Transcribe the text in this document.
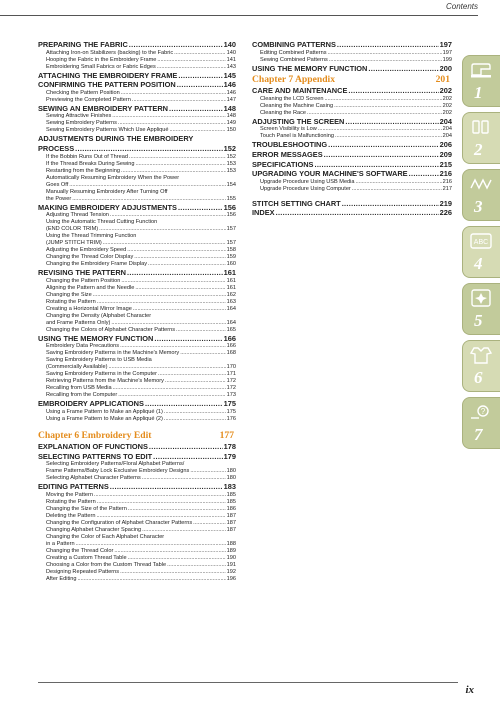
Contents
PREPARING THE FABRIC .....	140
Attaching Iron-on Stabilizers (backing) to the Fabric .....	140
Hooping the Fabric in the Embroidery Frame .....	141
Embroidering Small Fabrics or Fabric Edges .....	143
ATTACHING THE EMBROIDERY FRAME .....	145
CONFIRMING THE PATTERN POSITION .....	146
Checking the Pattern Position .....	146
Previewing the Completed Pattern .....	147
SEWING AN EMBROIDERY PATTERN .....	148
Sewing Attractive Finishes .....	148
Sewing Embroidery Patterns .....	149
Sewing Embroidery Patterns Which Use Appliqué .....	150
ADJUSTMENTS DURING THE EMBROIDERY
PROCESS .....	152
If the Bobbin Runs Out of Thread .....	152
If the Thread Breaks During Sewing .....	153
Restarting from the Beginning .....	153
Automatically Resuming Embroidery When the Power
Goes Off .....	154
Manually Resuming Embroidery After Turning Off
the Power .....	155
MAKING EMBROIDERY ADJUSTMENTS .....	156
Adjusting Thread Tension .....	156
Using the Automatic Thread Cutting Function
(END COLOR TRIM) .....	157
Using the Thread Trimming Function
(JUMP STITCH TRIM) .....	157
Adjusting the Embroidery Speed .....	158
Changing the Thread Color Display .....	159
Changing the Embroidery Frame Display .....	160
REVISING THE PATTERN .....	161
Changing the Pattern Position .....	161
Aligning the Pattern and the Needle .....	161
Changing the Size .....	162
Rotating the Pattern .....	163
Creating a Horizontal Mirror Image .....	164
Changing the Density (Alphabet Character
and Frame Patterns Only) .....	164
Changing the Colors of Alphabet Character Patterns .....	165
USING THE MEMORY FUNCTION .....	166
Embroidery Data Precautions .....	166
Saving Embroidery Patterns in the Machine's Memory .....	168
Saving Embroidery Patterns to USB Media
(Commercially Available) .....	170
Saving Embroidery Patterns in the Computer .....	171
Retrieving Patterns from the Machine's Memory .....	172
Recalling from USB Media .....	172
Recalling from the Computer .....	173
EMBROIDERY APPLICATIONS .....	175
Using a Frame Pattern to Make an Appliqué (1) .....	175
Using a Frame Pattern to Make an Appliqué (2) .....	176
Chapter 6 Embroidery Edit	177
EXPLANATION OF FUNCTIONS .....	178
SELECTING PATTERNS TO EDIT .....	179
Selecting Embroidery Patterns/Floral Alphabet Patterns/
Frame Patterns/Baby Lock Exclusive Embroidery Designs .....	180
Selecting Alphabet Character Patterns .....	180
EDITING PATTERNS .....	183
Moving the Pattern .....	185
Rotating the Pattern .....	185
Changing the Size of the Pattern .....	186
Deleting the Pattern .....	187
Changing the Configuration of Alphabet Character Patterns .....	187
Changing Alphabet Character Spacing .....	187
Changing the Color of Each Alphabet Character
in a Pattern .....	188
Changing the Thread Color .....	189
Creating a Custom Thread Table .....	190
Choosing a Color from the Custom Thread Table .....	191
Designing Repeated Patterns .....	192
After Editing .....	196
COMBINING PATTERNS .....	197
Editing Combined Patterns .....	197
Sewing Combined Patterns .....	199
USING THE MEMORY FUNCTION .....	200
Chapter 7 Appendix	201
CARE AND MAINTENANCE .....	202
Cleaning the LCD Screen .....	202
Cleaning the Machine Casing .....	202
Cleaning the Race .....	202
ADJUSTING THE SCREEN .....	204
Screen Visibility is Low .....	204
Touch Panel is Malfunctioning .....	204
TROUBLESHOOTING .....	206
ERROR MESSAGES .....	209
SPECIFICATIONS .....	215
UPGRADING YOUR MACHINE'S SOFTWARE .....	216
Upgrade Procedure Using USB Media .....	216
Upgrade Procedure Using Computer .....	217
STITCH SETTING CHART .....	219
INDEX .....	226
1
2
3
ABC
4
5
6
?
7
ix
